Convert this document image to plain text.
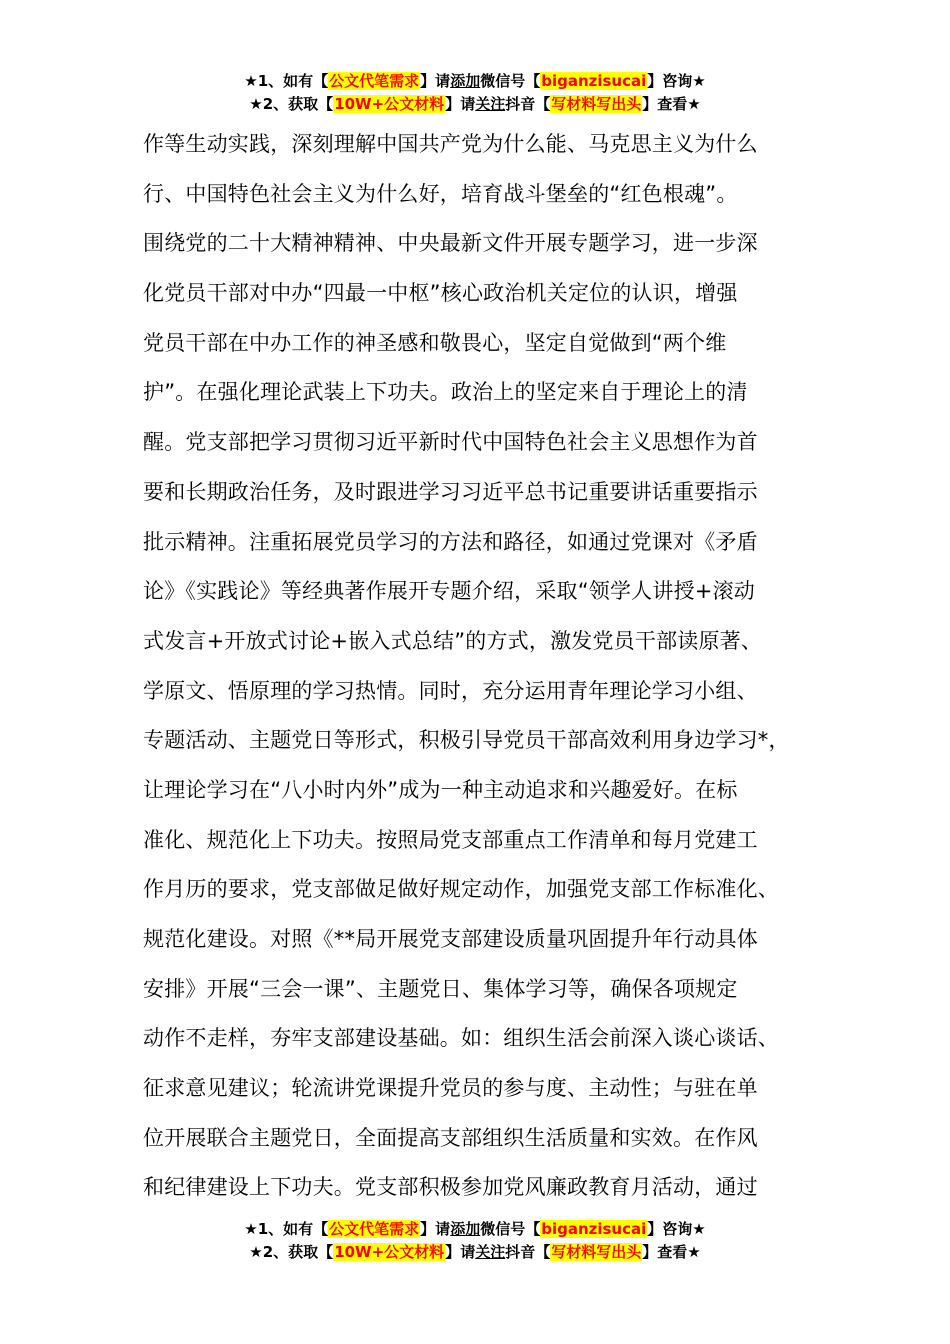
★1、如有【公文代笔需求】请添加微信号【biganzisucai】咨询★
★2、获取【10W+公文材料】请关注抖音【写材料写出头】查看★
作等生动实践，深刻理解中国共产党为什么能、马克思主义为什么
行、中国特色社会主义为什么好，培育战斗堡垒的“红色根魂”。
围绕党的二十大精神精神、中央最新文件开展专题学习，进一步深
化党员干部对中办“四最一中枢”核心政治机关定位的认识，增强
党员干部在中办工作的神圣感和敬畏心，坚定自觉做到“两个维
护”。在强化理论武装上下功夫。政治上的坚定来自于理论上的清
醒。党支部把学习贯彻习近平新时代中国特色社会主义思想作为首
要和长期政治任务，及时跟进学习习近平总书记重要讲话重要指示
批示精神。注重拓展党员学习的方法和路径，如通过党课对《矛盾
论》《实践论》等经典著作展开专题介绍，采取“领学人讲授+滚动
式发言+开放式讨论+嵌入式总结”的方式，激发党员干部读原著、
学原文、悟原理的学习热情。同时，充分运用青年理论学习小组、
专题活动、主题党日等形式，积极引导党员干部高效利用身边学习*，
让理论学习在“八小时内外”成为一种主动追求和兴趣爱好。在标
准化、规范化上下功夫。按照局党支部重点工作清单和每月党建工
作月历的要求，党支部做足做好规定动作，加强党支部工作标准化、
规范化建设。对照《**局开展党支部建设质量巩固提升年行动具体
安排》开展“三会一课”、主题党日、集体学习等，确保各项规定
动作不走样，夯牢支部建设基础。如：组织生活会前深入谈心谈话、
征求意见建议；轮流讲党课提升党员的参与度、主动性；与驻在单
位开展联合主题党日，全面提高支部组织生活质量和实效。在作风
和纪律建设上下功夫。党支部积极参加党风廉政教育月活动，通过
★1、如有【公文代笔需求】请添加微信号【biganzisucai】咨询★
★2、获取【10W+公文材料】请关注抖音【写材料写出头】查看★
